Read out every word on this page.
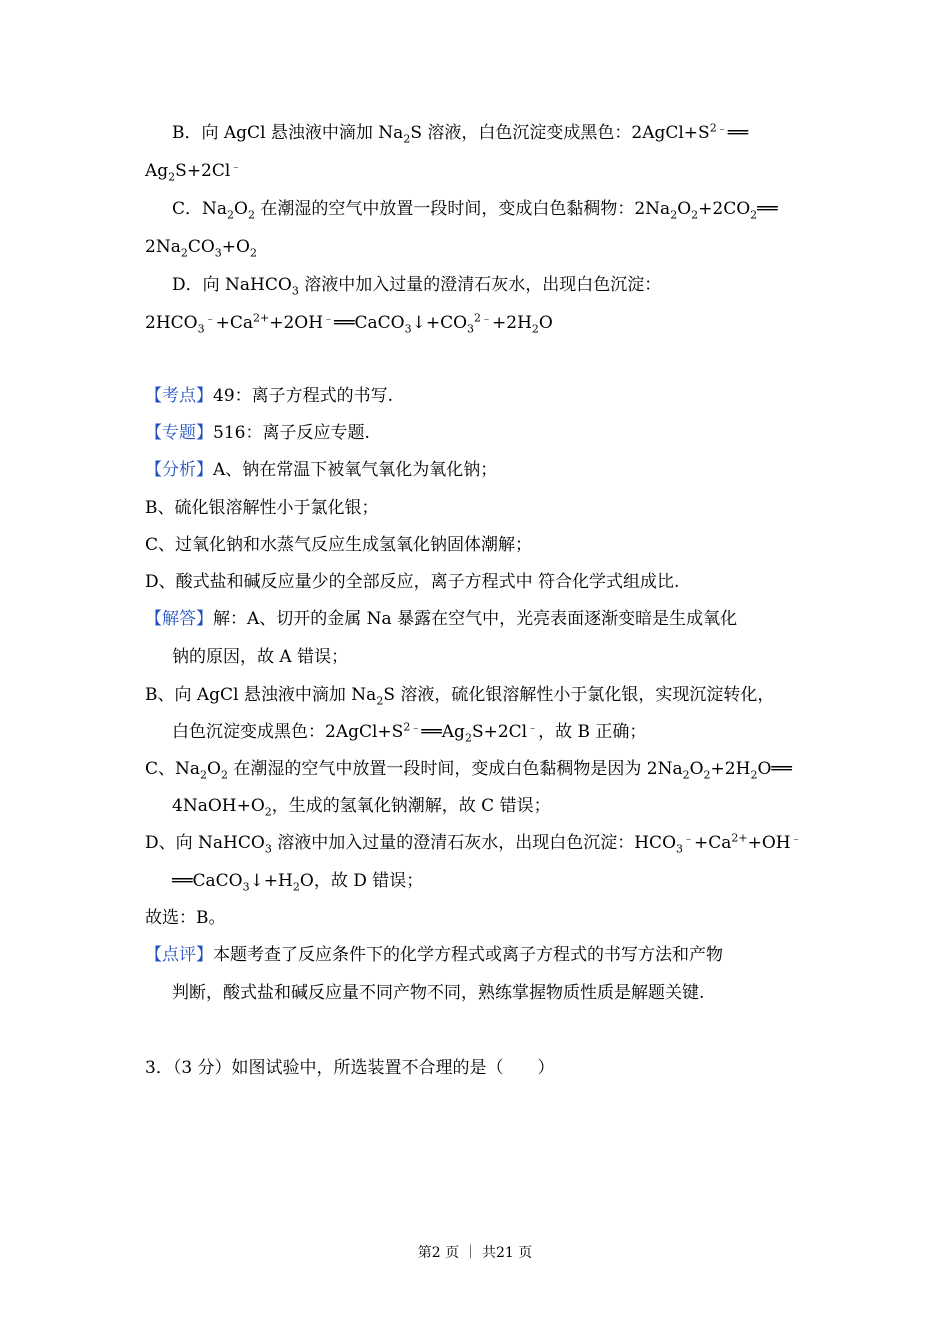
B．向 AgCl 悬浊液中滴加 $Na_2S$ 溶液，白色沉淀变成黑色：$2AgCl+S^{2﹣}══$
$Ag_2S+2Cl^﹣$
C．$Na_2O_2$ 在潮湿的空气中放置一段时间，变成白色黏稠物：$2Na_2O_2+2CO_2══$
$2Na_2CO_3+O_2$
D．向 NaHCO$_3$ 溶液中加入过量的澄清石灰水，出现白色沉淀：
$2HCO_3^﹣+Ca^{2+}+2OH^﹣══CaCO_3↓+CO_3^{2﹣}+2H_2O$
【考点】49：离子方程式的书写.
【专题】516：离子反应专题.
【分析】A、钠在常温下被氧气氧化为氧化钠；
B、硫化银溶解性小于氯化银；
C、过氧化钠和水蒸气反应生成氢氧化钠固体潮解；
D、酸式盐和碱反应量少的全部反应，离子方程式中 符合化学式组成比.
【解答】解：A、切开的金属 Na 暴露在空气中，光亮表面逐渐变暗是生成氧化
钠的原因，故 A 错误；
B、向 AgCl 悬浊液中滴加 $Na_2S$ 溶液，硫化银溶解性小于氯化银，实现沉淀转化，
白色沉淀变成黑色：$2AgCl+S^{2﹣}══Ag_2S+2Cl^﹣$，故 B 正确；
C、$Na_2O_2$ 在潮湿的空气中放置一段时间，变成白色黏稠物是因为 $2Na_2O_2+2H_2O══$
$4NaOH+O_2$，生成的氢氧化钠潮解，故 C 错误；
D、向 NaHCO$_3$ 溶液中加入过量的澄清石灰水，出现白色沉淀：$HCO_3^﹣+Ca^{2+}+OH^﹣$
$══CaCO_3↓+H_2O$，故 D 错误；
故选：B。
【点评】本题考查了反应条件下的化学方程式或离子方程式的书写方法和产物
判断，酸式盐和碱反应量不同产物不同，熟练掌握物质性质是解题关键.
3．（3 分）如图试验中，所选装置不合理的是（　　）
第2 页 ｜ 共21 页
